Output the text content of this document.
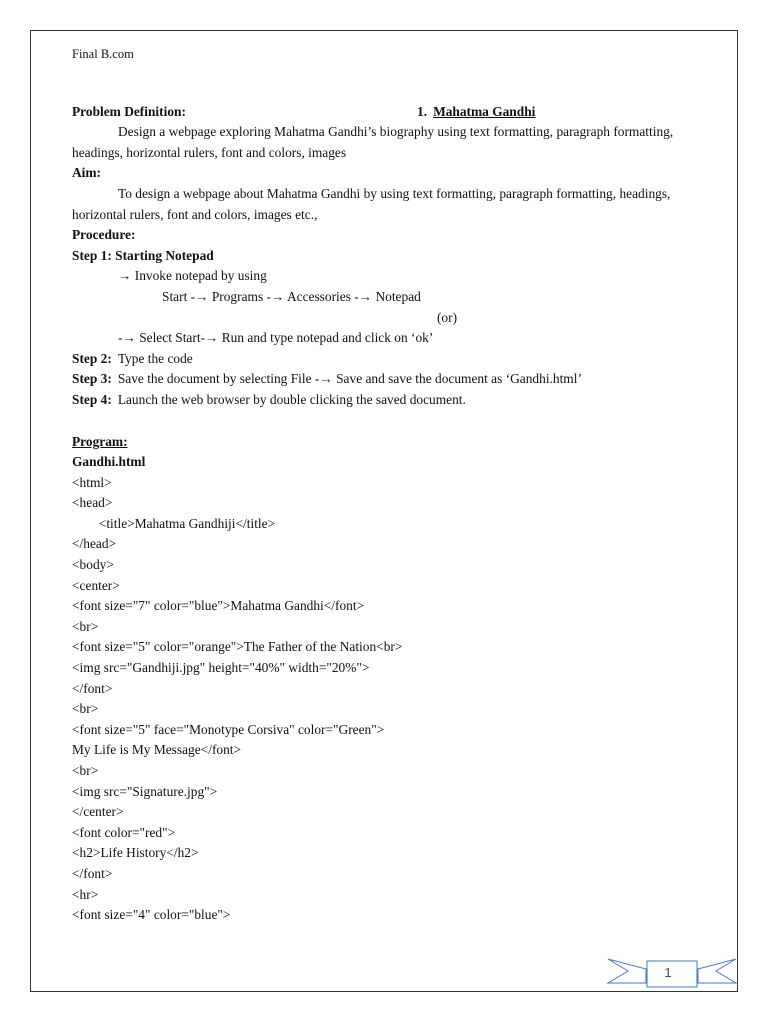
Final B.com

1. Mahatma Gandhi

Problem Definition:
Design a webpage exploring Mahatma Gandhi’s biography using text formatting, paragraph formatting, headings, horizontal rulers, font and colors, images
Aim:
To design a webpage about Mahatma Gandhi by using text formatting, paragraph formatting, headings, horizontal rulers, font and colors, images etc.,
Procedure:
Step 1: Starting Notepad
→ Invoke notepad by using
Start -→ Programs -→ Accessories -→ Notepad
(or)
-→ Select Start-→ Run and type notepad and click on ‘ok’
Step 2: Type the code
Step 3: Save the document by selecting File -→ Save and save the document as ‘Gandhi.html’
Step 4: Launch the web browser by double clicking the saved document.
Program:
Gandhi.html
<html>
<head>
<title>Mahatma Gandhiji</title>
</head>
<body>
<center>
<font size="7" color="blue">Mahatma Gandhi</font>
<br>
<font size="5" color="orange">The Father of the Nation<br>
<img src="Gandhiji.jpg" height="40%" width="20%">
</font>
<br>
<font size="5" face="Monotype Corsiva" color="Green">
My Life is My Message</font>
<br>
<img src="Signature.jpg">
</center>
<font color="red">
<h2>Life History</h2>
</font>
<hr>
<font size="4" color="blue">
1
